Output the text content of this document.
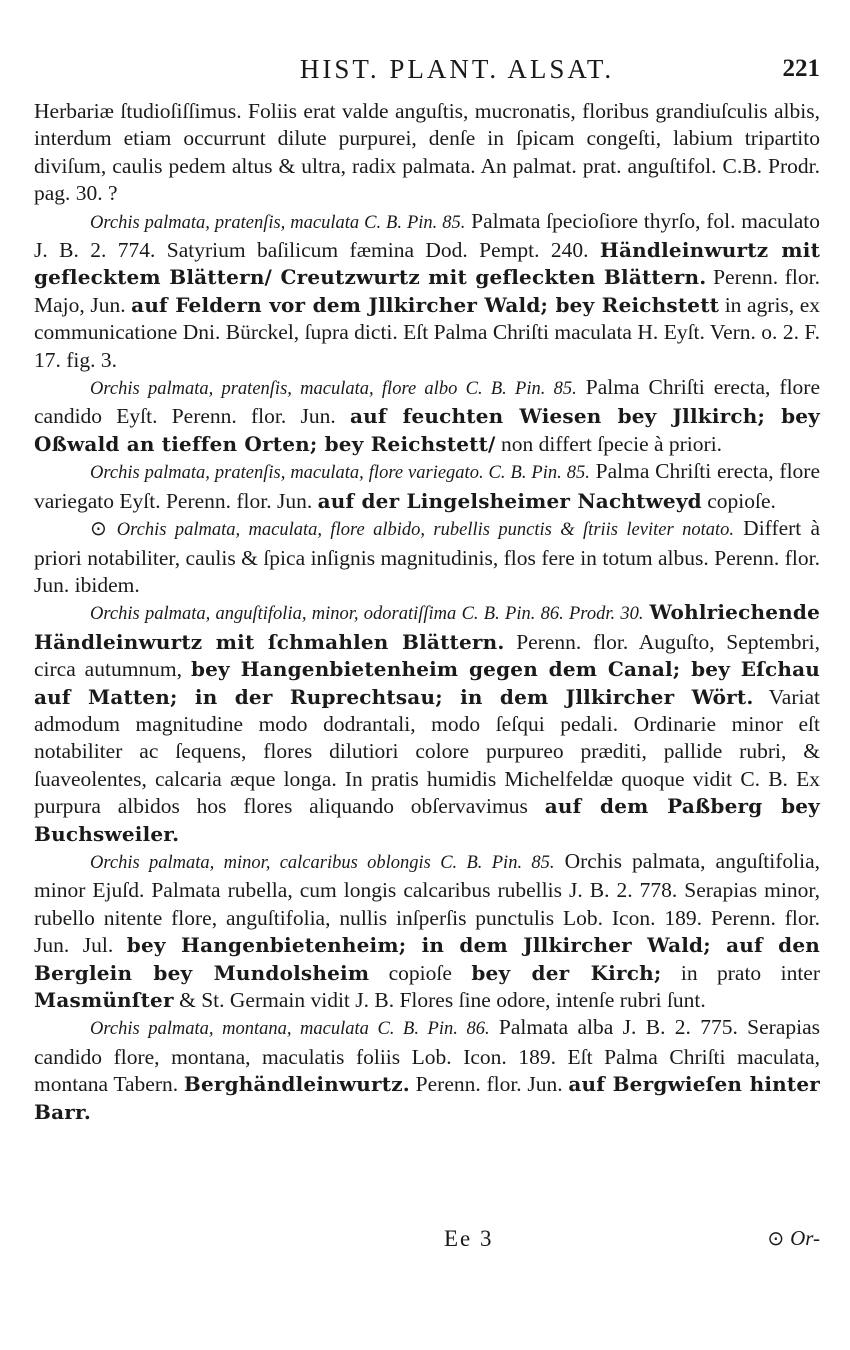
HIST. PLANT. ALSAT.	221

Herbariæ ſtudioſiſſimus. Foliis erat valde anguſtis, mucronatis, floribus grandiuſculis albis, interdum etiam occurrunt dilute purpurei, denſe in ſpicam congeſti, labium tripartito diviſum, caulis pedem altus & ultra, radix palmata. An palmat. prat. anguſtifol. C.B. Prodr. pag. 30. ?

Orchis palmata, pratenſis, maculata C. B. Pin. 85. Palmata ſpecioſiore thyrſo, fol. maculato J. B. 2. 774. Satyrium baſilicum fæmina Dod. Pempt. 240. Händleinwurtz mit geflecktem Blättern/ Creutzwurtz mit gefleckten Blättern. Perenn. flor. Majo, Jun. auf Feldern vor dem Jllkircher Wald; bey Reichstett in agris, ex communicatione Dni. Bürckel, ſupra dicti. Eſt Palma Chriſti maculata H. Eyſt. Vern. o. 2. F. 17. fig. 3.

Orchis palmata, pratenſis, maculata, flore albo C. B. Pin. 85. Palma Chriſti erecta, flore candido Eyſt. Perenn. flor. Jun. auf feuchten Wiesen bey Jllkirch; bey Oßwald an tieffen Orten; bey Reichstett/ non differt ſpecie à priori.

Orchis palmata, pratenſis, maculata, flore variegato. C. B. Pin. 85. Palma Chriſti erecta, flore variegato Eyſt. Perenn. flor. Jun. auf der Lingelsheimer Nachtweyd copioſe.

⊙ Orchis palmata, maculata, flore albido, rubellis punctis & ſtriis leviter notato. Differt à priori notabiliter, caulis & ſpica inſignis magnitudinis, flos fere in totum albus. Perenn. flor. Jun. ibidem.

Orchis palmata, anguſtifolia, minor, odoratiſſima C. B. Pin. 86. Prodr. 30. Wohlriechende Händleinwurtz mit ſchmahlen Blättern. Perenn. flor. Auguſto, Septembri, circa autumnum, bey Hangenbietenheim gegen dem Canal; bey Eſchau auf Matten; in der Ruprechtsau; in dem Jllkircher Wört. Variat admodum magnitudine modo dodrantali, modo ſeſqui pedali. Ordinarie minor eſt notabiliter ac ſequens, flores dilutiori colore purpureo præditi, pallide rubri, & ſuaveolentes, calcaria æque longa. In pratis humidis Michelfeldæ quoque vidit C. B. Ex purpura albidos hos flores aliquando obſervavimus auf dem Paßberg bey Buchsweiler.

Orchis palmata, minor, calcaribus oblongis C. B. Pin. 85. Orchis palmata, anguſtifolia, minor Ejuſd. Palmata rubella, cum longis calcaribus rubellis J. B. 2. 778. Serapias minor, rubello nitente flore, anguſtifolia, nullis inſperſis punctulis Lob. Icon. 189. Perenn. flor. Jun. Jul. bey Hangenbietenheim; in dem Jllkircher Wald; auf den Berglein bey Mundolsheim copioſe bey der Kirch; in prato inter Masmünſter & St. Germain vidit J. B. Flores ſine odore, intenſe rubri ſunt.

Orchis palmata, montana, maculata C. B. Pin. 86. Palmata alba J. B. 2. 775. Serapias candido flore, montana, maculatis foliis Lob. Icon. 189. Eſt Palma Chriſti maculata, montana Tabern. Berghändleinwurtz. Perenn. flor. Jun. auf Bergwieſen hinter Barr.

Ee 3	⊙ Or-
